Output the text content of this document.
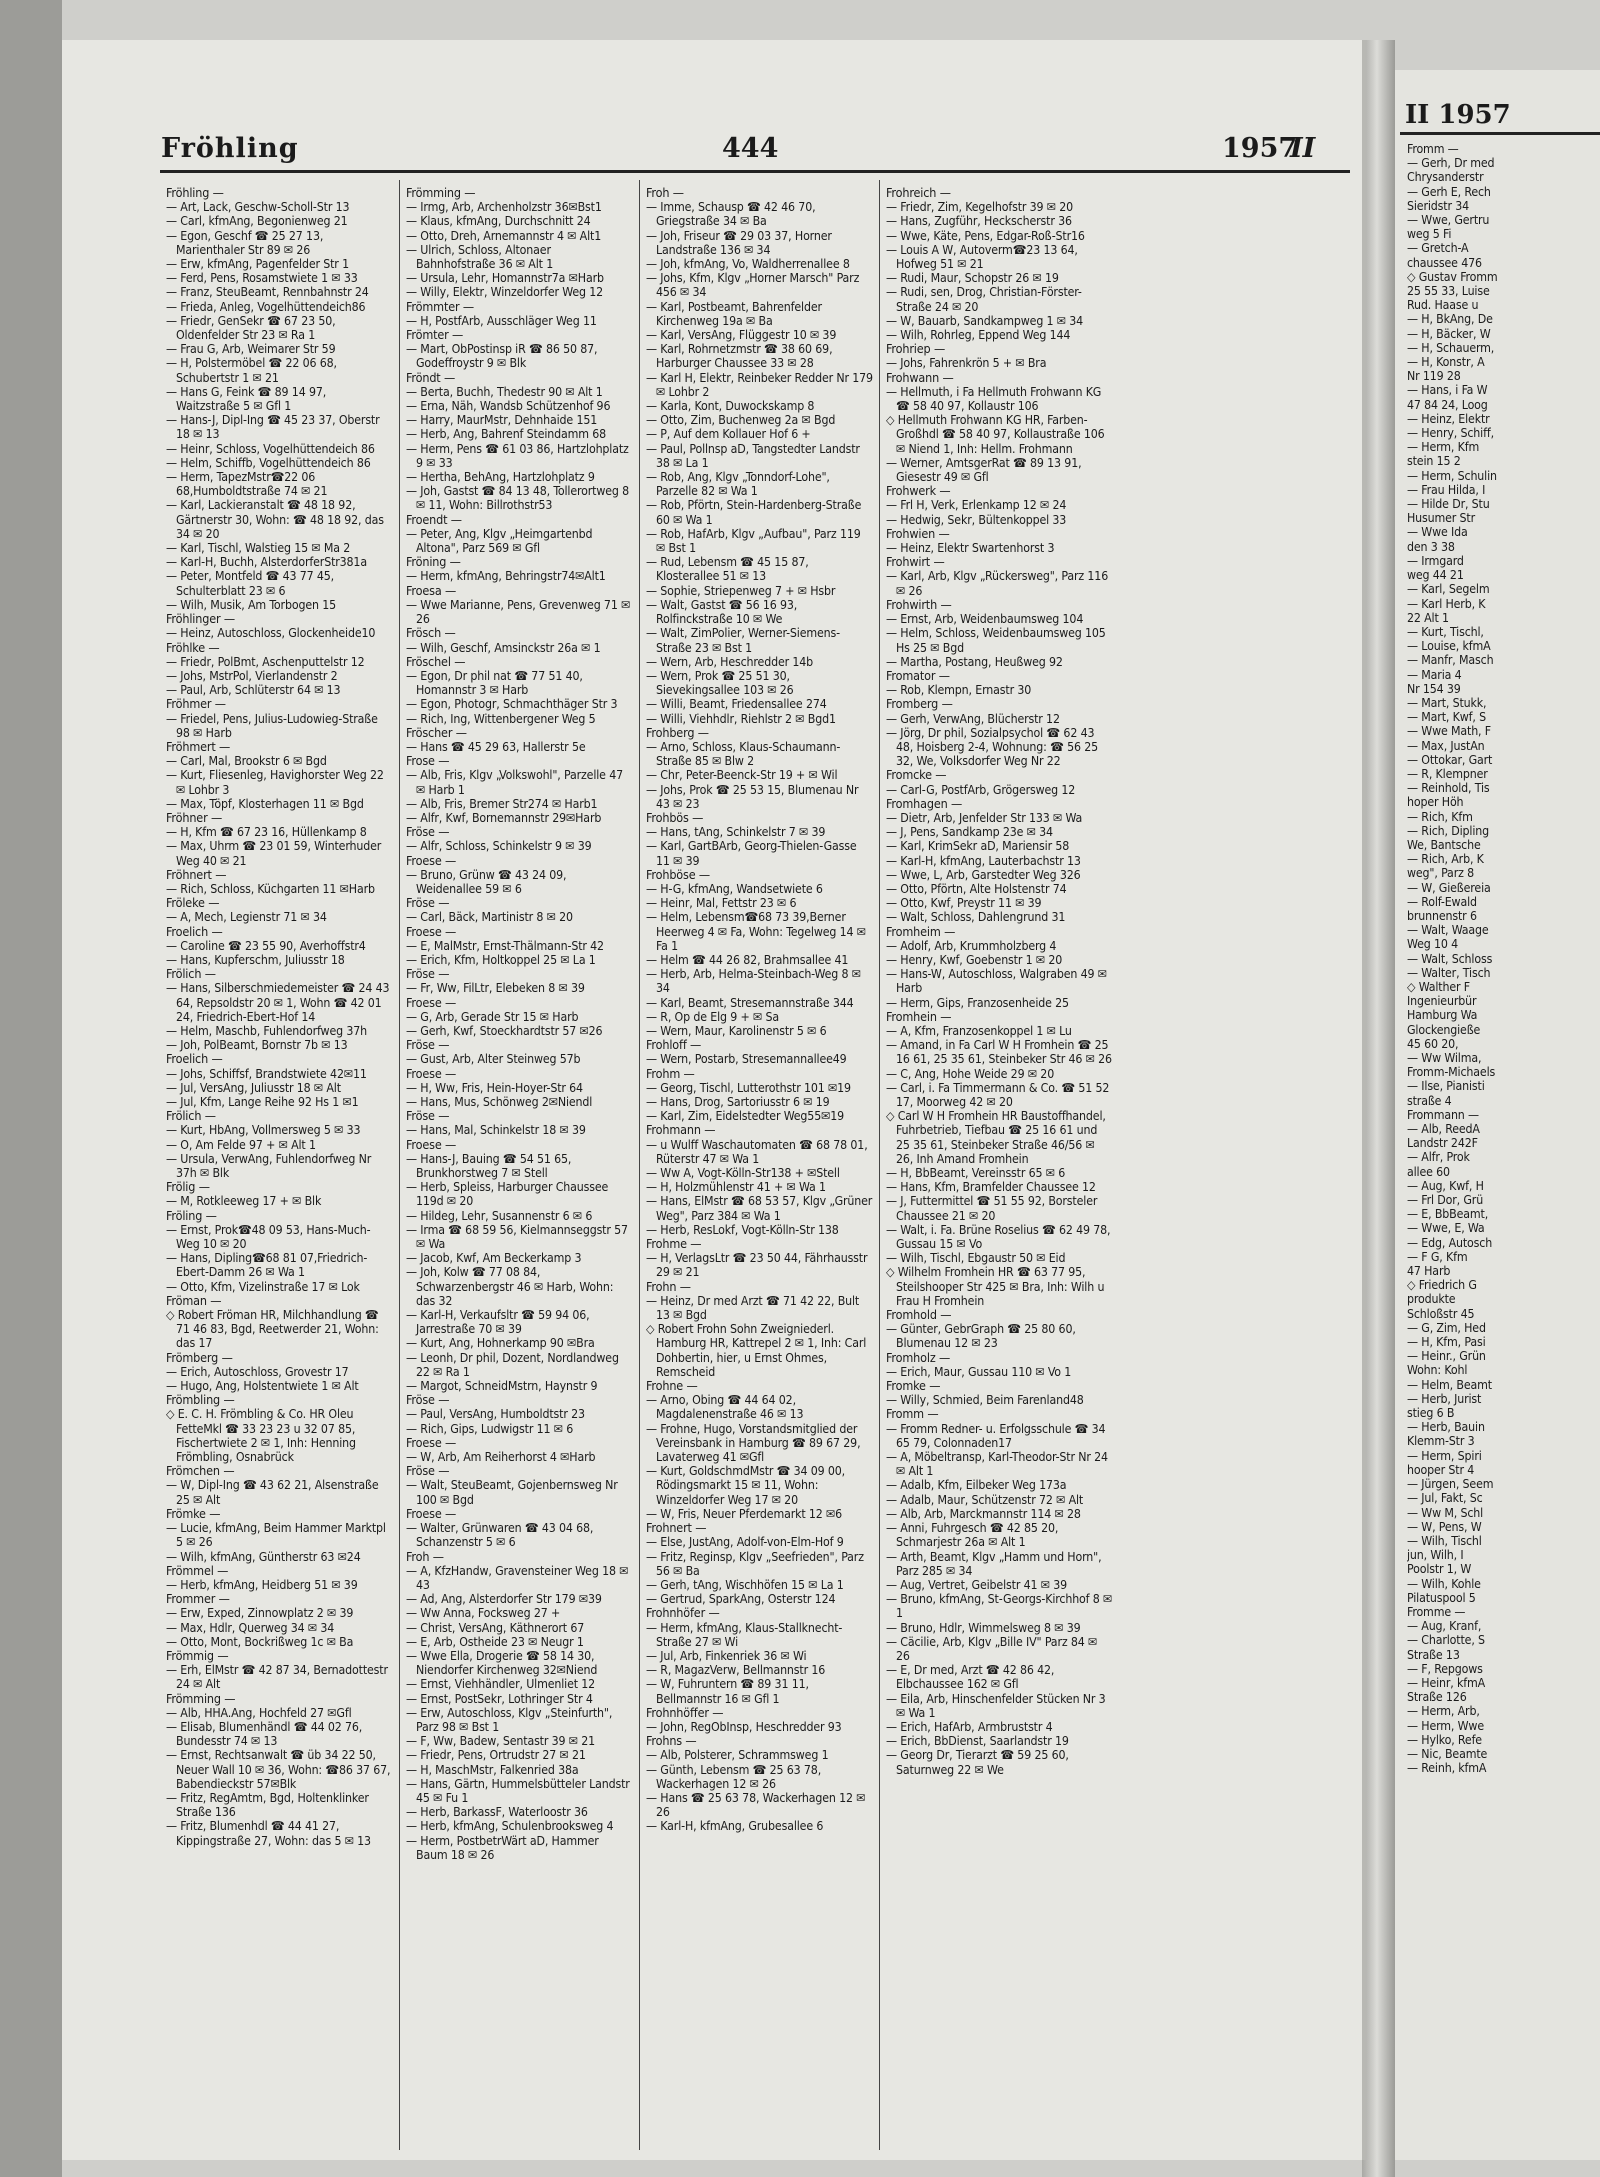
Fröhling	444	1957
II

Fröhling —

— Art, Lack, Geschw-Scholl-Str 13

— Carl, kfmAng, Begonienweg 21

— Egon, Geschf ☎ 25 27 13, Marienthaler Str 89 ✉ 26

— Erw, kfmAng, Pagenfelder Str 1

— Ferd, Pens, Rosamstwiete 1 ✉ 33

— Franz, SteuBeamt, Rennbahnstr 24

— Frieda, Anleg, Vogelhüttendeich86

— Friedr, GenSekr ☎ 67 23 50, Oldenfelder Str 23 ✉ Ra 1

— Frau G, Arb, Weimarer Str 59

— H, Polstermöbel ☎ 22 06 68, Schubertstr 1 ✉ 21

— Hans G, Feink ☎ 89 14 97, Waitzstraße 5 ✉ Gfl 1

— Hans-J, Dipl-Ing ☎ 45 23 37, Oberstr 18 ✉ 13

— Heinr, Schloss, Vogelhüttendeich 86

— Helm, Schiffb, Vogelhüttendeich 86

— Herm, TapezMstr☎22 06 68,Humboldtstraße 74 ✉ 21

— Karl, Lackieranstalt ☎ 48 18 92, Gärtnerstr 30, Wohn: ☎ 48 18 92, das 34 ✉ 20

— Karl, Tischl, Walstieg 15 ✉ Ma 2

— Karl-H, Buchh, AlsterdorferStr381a

— Peter, Montfeld ☎ 43 77 45, Schulterblatt 23 ✉ 6

— Wilh, Musik, Am Torbogen 15

Fröhlinger —

— Heinz, Autoschloss, Glockenheide10

Fröhlke —

— Friedr, PolBmt, Aschenputtelstr 12

— Johs, MstrPol, Vierlandenstr 2

— Paul, Arb, Schlüterstr 64 ✉ 13

Fröhmer —

— Friedel, Pens, Julius-Ludowieg-Straße 98 ✉ Harb

Fröhmert —

— Carl, Mal, Brookstr 6 ✉ Bgd

— Kurt, Fliesenleg, Havighorster Weg 22 ✉ Lohbr 3

— Max, Töpf, Klosterhagen 11 ✉ Bgd

Fröhner —

— H, Kfm ☎ 67 23 16, Hüllenkamp 8

— Max, Uhrm ☎ 23 01 59, Winterhuder Weg 40 ✉ 21

Fröhnert —

— Rich, Schloss, Küchgarten 11 ✉Harb

Fröleke —

— A, Mech, Legienstr 71 ✉ 34

Froelich —

— Caroline ☎ 23 55 90, Averhoffstr4

— Hans, Kupferschm, Juliusstr 18

Frölich —

— Hans, Silberschmiedemeister ☎ 24 43 64, Repsoldstr 20 ✉ 1, Wohn ☎ 42 01 24, Friedrich-Ebert-Hof 14

— Helm, Maschb, Fuhlendorfweg 37h

— Joh, PolBeamt, Bornstr 7b ✉ 13

Froelich —

— Johs, Schiffsf, Brandstwiete 42✉11

— Jul, VersAng, Juliusstr 18 ✉ Alt

— Jul, Kfm, Lange Reihe 92 Hs 1 ✉1

Frölich —

— Kurt, HbAng, Vollmersweg 5 ✉ 33

— O, Am Felde 97 + ✉ Alt 1

— Ursula, VerwAng, Fuhlendorfweg Nr 37h ✉ Blk

Frölig —

— M, Rotkleeweg 17 + ✉ Blk

Fröling —

— Ernst, Prok☎48 09 53, Hans-Much-Weg 10 ✉ 20

— Hans, Dipling☎68 81 07,Friedrich-Ebert-Damm 26 ✉ Wa 1

— Otto, Kfm, Vizelinstraße 17 ✉ Lok

Fröman —

◇ Robert Fröman HR, Milchhandlung ☎ 71 46 83, Bgd, Reetwerder 21, Wohn: das 17

Frömberg —

— Erich, Autoschloss, Grovestr 17

— Hugo, Ang, Holstentwiete 1 ✉ Alt

Frömbling —

◇ E. C. H. Frömbling & Co. HR Oleu FetteMkl ☎ 33 23 23 u 32 07 85, Fischertwiete 2 ✉ 1, Inh: Henning Frömbling, Osnabrück

Frömchen —

— W, Dipl-Ing ☎ 43 62 21, Alsenstraße 25 ✉ Alt

Frömke —

— Lucie, kfmAng, Beim Hammer Marktpl 5 ✉ 26

— Wilh, kfmAng, Güntherstr 63 ✉24

Frömmel —

— Herb, kfmAng, Heidberg 51 ✉ 39

Frommer —

— Erw, Exped, Zinnowplatz 2 ✉ 39

— Max, Hdlr, Querweg 34 ✉ 34

— Otto, Mont, Bockrißweg 1c ✉ Ba

Frömmig —

— Erh, ElMstr ☎ 42 87 34, Bernadottestr 24 ✉ Alt

Frömming —

— Alb, HHA.Ang, Hochfeld 27 ✉Gfl

— Elisab, Blumenhändl ☎ 44 02 76, Bundesstr 74 ✉ 13

— Ernst, Rechtsanwalt ☎ üb 34 22 50, Neuer Wall 10 ✉ 36, Wohn: ☎86 37 67, Babendieckstr 57✉Blk

— Fritz, RegAmtm, Bgd, Holtenklinker Straße 136

— Fritz, Blumenhdl ☎ 44 41 27, Kippingstraße 27, Wohn: das 5 ✉ 13

Frömming —

— Irmg, Arb, Archenholzstr 36✉Bst1

— Klaus, kfmAng, Durchschnitt 24

— Otto, Dreh, Arnemannstr 4 ✉ Alt1

— Ulrich, Schloss, Altonaer Bahnhofstraße 36 ✉ Alt 1

— Ursula, Lehr, Homannstr7a ✉Harb

— Willy, Elektr, Winzeldorfer Weg 12

Frömmter —

— H, PostfArb, Ausschläger Weg 11

Frömter —

— Mart, ObPostinsp iR ☎ 86 50 87, Godeffroystr 9 ✉ Blk

Fröndt —

— Berta, Buchh, Thedestr 90 ✉ Alt 1

— Erna, Näh, Wandsb Schützenhof 96

— Harry, MaurMstr, Dehnhaide 151

— Herb, Ang, Bahrenf Steindamm 68

— Herm, Pens ☎ 61 03 86, Hartzlohplatz 9 ✉ 33

— Hertha, BehAng, Hartzlohplatz 9

— Joh, Gastst ☎ 84 13 48, Tollerortweg 8 ✉ 11, Wohn: Billrothstr53

Froendt —

— Peter, Ang, Klgv „Heimgartenbd Altona", Parz 569 ✉ Gfl

Fröning —

— Herm, kfmAng, Behringstr74✉Alt1

Froesa —

— Wwe Marianne, Pens, Grevenweg 71 ✉ 26

Frösch —

— Wilh, Geschf, Amsinckstr 26a ✉ 1

Fröschel —

— Egon, Dr phil nat ☎ 77 51 40, Homannstr 3 ✉ Harb

— Egon, Photogr, Schmachthäger Str 3

— Rich, Ing, Wittenbergener Weg 5

Fröscher —

— Hans ☎ 45 29 63, Hallerstr 5e

Frose —

— Alb, Fris, Klgv „Volkswohl", Parzelle 47 ✉ Harb 1

— Alb, Fris, Bremer Str274 ✉ Harb1

— Alfr, Kwf, Bornemannstr 29✉Harb

Fröse —

— Alfr, Schloss, Schinkelstr 9 ✉ 39

Froese —

— Bruno, Grünw ☎ 43 24 09, Weidenallee 59 ✉ 6

Fröse —

— Carl, Bäck, Martinistr 8 ✉ 20

Froese —

— E, MalMstr, Ernst-Thälmann-Str 42

— Erich, Kfm, Holtkoppel 25 ✉ La 1

Fröse —

— Fr, Ww, FilLtr, Elebeken 8 ✉ 39

Froese —

— G, Arb, Gerade Str 15 ✉ Harb

— Gerh, Kwf, Stoeckhardtstr 57 ✉26

Fröse —

— Gust, Arb, Alter Steinweg 57b

Froese —

— H, Ww, Fris, Hein-Hoyer-Str 64

— Hans, Mus, Schönweg 2✉Niendl

Fröse —

— Hans, Mal, Schinkelstr 18 ✉ 39

Froese —

— Hans-J, Bauing ☎ 54 51 65, Brunkhorstweg 7 ✉ Stell

— Herb, Spleiss, Harburger Chaussee 119d ✉ 20

— Hildeg, Lehr, Susannenstr 6 ✉ 6

— Irma ☎ 68 59 56, Kielmannseggstr 57 ✉ Wa

— Jacob, Kwf, Am Beckerkamp 3

— Joh, Kolw ☎ 77 08 84, Schwarzenbergstr 46 ✉ Harb, Wohn: das 32

— Karl-H, Verkaufsltr ☎ 59 94 06, Jarrestraße 70 ✉ 39

— Kurt, Ang, Hohnerkamp 90 ✉Bra

— Leonh, Dr phil, Dozent, Nordlandweg 22 ✉ Ra 1

— Margot, SchneidMstrn, Haynstr 9

Fröse —

— Paul, VersAng, Humboldtstr 23

— Rich, Gips, Ludwigstr 11 ✉ 6

Froese —

— W, Arb, Am Reiherhorst 4 ✉Harb

Fröse —

— Walt, SteuBeamt, Gojenbernsweg Nr 100 ✉ Bgd

Froese —

— Walter, Grünwaren ☎ 43 04 68, Schanzenstr 5 ✉ 6

Froh —

— A, KfzHandw, Gravensteiner Weg 18 ✉ 43

— Ad, Ang, Alsterdorfer Str 179 ✉39

— Ww Anna, Focksweg 27 +

— Christ, VersAng, Käthnerort 67

— E, Arb, Ostheide 23 ✉ Neugr 1

— Wwe Ella, Drogerie ☎ 58 14 30, Niendorfer Kirchenweg 32✉Niend

— Ernst, Viehhändler, Ulmenliet 12

— Ernst, PostSekr, Lothringer Str 4

— Erw, Autoschloss, Klgv „Steinfurth", Parz 98 ✉ Bst 1

— F, Ww, Badew, Sentastr 39 ✉ 21

— Friedr, Pens, Ortrudstr 27 ✉ 21

— H, MaschMstr, Falkenried 38a

— Hans, Gärtn, Hummelsbütteler Landstr 45 ✉ Fu 1

— Herb, BarkassF, Waterloostr 36

— Herb, kfmAng, Schulenbrooksweg 4

— Herm, PostbetrWärt aD, Hammer Baum 18 ✉ 26

Froh —

— Imme, Schausp ☎ 42 46 70, Griegstraße 34 ✉ Ba

— Joh, Friseur ☎ 29 03 37, Horner Landstraße 136 ✉ 34

— Joh, kfmAng, Vo, Waldherrenallee 8

— Johs, Kfm, Klgv „Horner Marsch" Parz 456 ✉ 34

— Karl, Postbeamt, Bahrenfelder Kirchenweg 19a ✉ Ba

— Karl, VersAng, Flüggestr 10 ✉ 39

— Karl, Rohrnetzmstr ☎ 38 60 69, Harburger Chaussee 33 ✉ 28

— Karl H, Elektr, Reinbeker Redder Nr 179 ✉ Lohbr 2

— Karla, Kont, Duwockskamp 8

— Otto, Zim, Buchenweg 2a ✉ Bgd

— P, Auf dem Kollauer Hof 6 +

— Paul, Pollnsp aD, Tangstedter Landstr 38 ✉ La 1

— Rob, Ang, Klgv „Tonndorf-Lohe", Parzelle 82 ✉ Wa 1

— Rob, Pförtn, Stein-Hardenberg-Straße 60 ✉ Wa 1

— Rob, HafArb, Klgv „Aufbau", Parz 119 ✉ Bst 1

— Rud, Lebensm ☎ 45 15 87, Klosterallee 51 ✉ 13

— Sophie, Striepenweg 7 + ✉ Hsbr

— Walt, Gastst ☎ 56 16 93, Rolfinckstraße 10 ✉ We

— Walt, ZimPolier, Werner-Siemens-Straße 23 ✉ Bst 1

— Wern, Arb, Heschredder 14b

— Wern, Prok ☎ 25 51 30, Sievekingsallee 103 ✉ 26

— Willi, Beamt, Friedensallee 274

— Willi, Viehhdlr, Riehlstr 2 ✉ Bgd1

Frohberg —

— Arno, Schloss, Klaus-Schaumann-Straße 85 ✉ Blw 2

— Chr, Peter-Beenck-Str 19 + ✉ Wil

— Johs, Prok ☎ 25 53 15, Blumenau Nr 43 ✉ 23

Frohbös —

— Hans, tAng, Schinkelstr 7 ✉ 39

— Karl, GartBArb, Georg-Thielen-Gasse 11 ✉ 39

Frohböse —

— H-G, kfmAng, Wandsetwiete 6

— Heinr, Mal, Fettstr 23 ✉ 6

— Helm, Lebensm☎68 73 39,Berner Heerweg 4 ✉ Fa, Wohn: Tegelweg 14 ✉ Fa 1

— Helm ☎ 44 26 82, Brahmsallee 41

— Herb, Arb, Helma-Steinbach-Weg 8 ✉ 34

— Karl, Beamt, Stresemannstraße 344

— R, Op de Elg 9 + ✉ Sa

— Wern, Maur, Karolinenstr 5 ✉ 6

Frohloff —

— Wern, Postarb, Stresemannallee49

Frohm —

— Georg, Tischl, Lutterothstr 101 ✉19

— Hans, Drog, Sartoriusstr 6 ✉ 19

— Karl, Zim, Eidelstedter Weg55✉19

Frohmann —

— u Wulff Waschautomaten ☎ 68 78 01, Rüterstr 47 ✉ Wa 1

— Ww A, Vogt-Kölln-Str138 + ✉Stell

— H, Holzmühlenstr 41 + ✉ Wa 1

— Hans, ElMstr ☎ 68 53 57, Klgv „Grüner Weg", Parz 384 ✉ Wa 1

— Herb, ResLokf, Vogt-Kölln-Str 138

Frohme —

— H, VerlagsLtr ☎ 23 50 44, Fährhausstr 29 ✉ 21

Frohn —

— Heinz, Dr med Arzt ☎ 71 42 22, Bult 13 ✉ Bgd

◇ Robert Frohn Sohn Zweigniederl. Hamburg HR, Kattrepel 2 ✉ 1, Inh: Carl Dohbertin, hier, u Ernst Ohmes, Remscheid

Frohne —

— Arno, Obing ☎ 44 64 02, Magdalenenstraße 46 ✉ 13

— Frohne, Hugo, Vorstandsmitglied der Vereinsbank in Hamburg ☎ 89 67 29, Lavaterweg 41 ✉Gfl

— Kurt, GoldschmdMstr ☎ 34 09 00, Rödingsmarkt 15 ✉ 11, Wohn: Winzeldorfer Weg 17 ✉ 20

— W, Fris, Neuer Pferdemarkt 12 ✉6

Frohnert —

— Else, JustAng, Adolf-von-Elm-Hof 9

— Fritz, Reginsp, Klgv „Seefrieden", Parz 56 ✉ Ba

— Gerh, tAng, Wischhöfen 15 ✉ La 1

— Gertrud, SparkAng, Osterstr 124

Frohnhöfer —

— Herm, kfmAng, Klaus-Stallknecht-Straße 27 ✉ Wi

— Jul, Arb, Finkenriek 36 ✉ Wi

— R, MagazVerw, Bellmannstr 16

— W, Fuhruntern ☎ 89 31 11, Bellmannstr 16 ✉ Gfl 1

Frohnhöffer —

— John, RegObInsp, Heschredder 93

Frohns —

— Alb, Polsterer, Schrammsweg 1

— Günth, Lebensm ☎ 25 63 78, Wackerhagen 12 ✉ 26

— Hans ☎ 25 63 78, Wackerhagen 12 ✉ 26

— Karl-H, kfmAng, Grubesallee 6

Frohreich —

— Friedr, Zim, Kegelhofstr 39 ✉ 20

— Hans, Zugführ, Heckscherstr 36

— Wwe, Käte, Pens, Edgar-Roß-Str16

— Louis A W, Autoverm☎23 13 64, Hofweg 51 ✉ 21

— Rudi, Maur, Schopstr 26 ✉ 19

— Rudi, sen, Drog, Christian-Förster-Straße 24 ✉ 20

— W, Bauarb, Sandkampweg 1 ✉ 34

— Wilh, Rohrleg, Eppend Weg 144

Frohriep —

— Johs, Fahrenkrön 5 + ✉ Bra

Frohwann —

— Hellmuth, i Fa Hellmuth Frohwann KG ☎ 58 40 97, Kollaustr 106

◇ Hellmuth Frohwann KG HR, Farben-Großhdl ☎ 58 40 97, Kollaustraße 106 ✉ Niend 1, Inh: Hellm. Frohmann

— Werner, AmtsgerRat ☎ 89 13 91, Giesestr 49 ✉ Gfl

Frohwerk —

— Frl H, Verk, Erlenkamp 12 ✉ 24

— Hedwig, Sekr, Bültenkoppel 33

Frohwien —

— Heinz, Elektr Swartenhorst 3

Frohwirt —

— Karl, Arb, Klgv „Rückersweg", Parz 116 ✉ 26

Frohwirth —

— Ernst, Arb, Weidenbaumsweg 104

— Helm, Schloss, Weidenbaumsweg 105 Hs 25 ✉ Bgd

— Martha, Postang, Heußweg 92

Fromator —

— Rob, Klempn, Ernastr 30

Fromberg —

— Gerh, VerwAng, Blücherstr 12

— Jörg, Dr phil, Sozialpsychol ☎ 62 43 48, Hoisberg 2-4, Wohnung: ☎ 56 25 32, We, Volksdorfer Weg Nr 22

Fromcke —

— Carl-G, PostfArb, Grögersweg 12

Fromhagen —

— Dietr, Arb, Jenfelder Str 133 ✉ Wa

— J, Pens, Sandkamp 23e ✉ 34

— Karl, KrimSekr aD, Mariensir 58

— Karl-H, kfmAng, Lauterbachstr 13

— Wwe, L, Arb, Garstedter Weg 326

— Otto, Pförtn, Alte Holstenstr 74

— Otto, Kwf, Preystr 11 ✉ 39

— Walt, Schloss, Dahlengrund 31

Fromheim —

— Adolf, Arb, Krummholzberg 4

— Henry, Kwf, Goebenstr 1 ✉ 20

— Hans-W, Autoschloss, Walgraben 49 ✉ Harb

— Herm, Gips, Franzosenheide 25

Fromhein —

— A, Kfm, Franzosenkoppel 1 ✉ Lu

— Amand, in Fa Carl W H Fromhein ☎ 25 16 61, 25 35 61, Steinbeker Str 46 ✉ 26

— C, Ang, Hohe Weide 29 ✉ 20

— Carl, i. Fa Timmermann & Co. ☎ 51 52 17, Moorweg 42 ✉ 20

◇ Carl W H Fromhein HR Baustoffhandel, Fuhrbetrieb, Tiefbau ☎ 25 16 61 und 25 35 61, Steinbeker Straße 46/56 ✉ 26, Inh Amand Fromhein

— H, BbBeamt, Vereinsstr 65 ✉ 6

— Hans, Kfm, Bramfelder Chaussee 12

— J, Futtermittel ☎ 51 55 92, Borsteler Chaussee 21 ✉ 20

— Walt, i. Fa. Brüne Roselius ☎ 62 49 78, Gussau 15 ✉ Vo

— Wilh, Tischl, Ebgaustr 50 ✉ Eid

◇ Wilhelm Fromhein HR ☎ 63 77 95, Steilshooper Str 425 ✉ Bra, Inh: Wilh u Frau H Fromhein

Fromhold —

— Günter, GebrGraph ☎ 25 80 60, Blumenau 12 ✉ 23

Fromholz —

— Erich, Maur, Gussau 110 ✉ Vo 1

Fromke —

— Willy, Schmied, Beim Farenland48

Fromm —

— Fromm Redner- u. Erfolgsschule ☎ 34 65 79, Colonnaden17

— A, Möbeltransp, Karl-Theodor-Str Nr 24 ✉ Alt 1

— Adalb, Kfm, Eilbeker Weg 173a

— Adalb, Maur, Schützenstr 72 ✉ Alt

— Alb, Arb, Marckmannstr 114 ✉ 28

— Anni, Fuhrgesch ☎ 42 85 20, Schmarjestr 26a ✉ Alt 1

— Arth, Beamt, Klgv „Hamm und Horn", Parz 285 ✉ 34

— Aug, Vertret, Geibelstr 41 ✉ 39

— Bruno, kfmAng, St-Georgs-Kirchhof 8 ✉ 1

— Bruno, Hdlr, Wimmelsweg 8 ✉ 39

— Cäcilie, Arb, Klgv „Bille IV" Parz 84 ✉ 26

— E, Dr med, Arzt ☎ 42 86 42, Elbchaussee 162 ✉ Gfl

— Eila, Arb, Hinschenfelder Stücken Nr 3 ✉ Wa 1

— Erich, HafArb, Armbruststr 4

— Erich, BbDienst, Saarlandstr 19

— Georg Dr, Tierarzt ☎ 59 25 60, Saturnweg 22 ✉ We

II 1957

Fromm —

— Gerh, Dr med

Chrysanderstr

— Gerh E, Rech

Sieridstr 34

— Wwe, Gertru

weg 5 Fi

— Gretch-A

chaussee 476

◇ Gustav Fromm

25 55 33, Luise

Rud. Haase u

— H, BkAng, De

— H, Bäcker, W

— H, Schauerm,

— H, Konstr, A

Nr 119 28

— Hans, i Fa W

47 84 24, Loog

— Heinz, Elektr

— Henry, Schiff,

— Herm, Kfm

stein 15 2

— Herm, Schulin

— Frau Hilda, I

— Hilde Dr, Stu

Husumer Str

— Wwe Ida

den 3 38

— Irmgard

weg 44 21

— Karl, Segelm

— Karl Herb, K

22 Alt 1

— Kurt, Tischl,

— Louise, kfmA

— Manfr, Masch

— Maria 4

Nr 154 39

— Mart, Stukk,

— Mart, Kwf, S

— Wwe Math, F

— Max, JustAn

— Ottokar, Gart

— R, Klempner

— Reinhold, Tis

hoper Höh

— Rich, Kfm

— Rich, Dipling

We, Bantsche

— Rich, Arb, K

weg", Parz 8

— W, Gießereia

— Rolf-Ewald

brunnenstr 6

— Walt, Waage

Weg 10 4

— Walt, Schloss

— Walter, Tisch

◇ Walther F

Ingenieurbür

Hamburg Wa

Glockengieße

45 60 20,

— Ww Wilma,

Fromm-Michaels

— Ilse, Pianisti

straße 4

Frommann —

— Alb, ReedA

Landstr 242F

— Alfr, Prok

allee 60

— Aug, Kwf, H

— Frl Dor, Grü

— E, BbBeamt,

— Wwe, E, Wa

— Edg, Autosch

— F G, Kfm

47 Harb

◇ Friedrich G

produkte

Schloßstr 45

— G, Zim, Hed

— H, Kfm, Pasi

— Heinr., Grün

Wohn: Kohl

— Helm, Beamt

— Herb, Jurist

stieg 6 B

— Herb, Bauin

Klemm-Str 3

— Herm, Spiri

hooper Str 4

— Jürgen, Seem

— Jul, Fakt, Sc

— Ww M, Schl

— W, Pens, W

— Wilh, Tischl

jun, Wilh, I

Poolstr 1, W

— Wilh, Kohle

Pilatuspool 5

Fromme —

— Aug, Kranf,

— Charlotte, S

Straße 13

— F, Repgows

— Heinr, kfmA

Straße 126

— Herm, Arb,

— Herm, Wwe

— Hylko, Refe

— Nic, Beamte

— Reinh, kfmA
